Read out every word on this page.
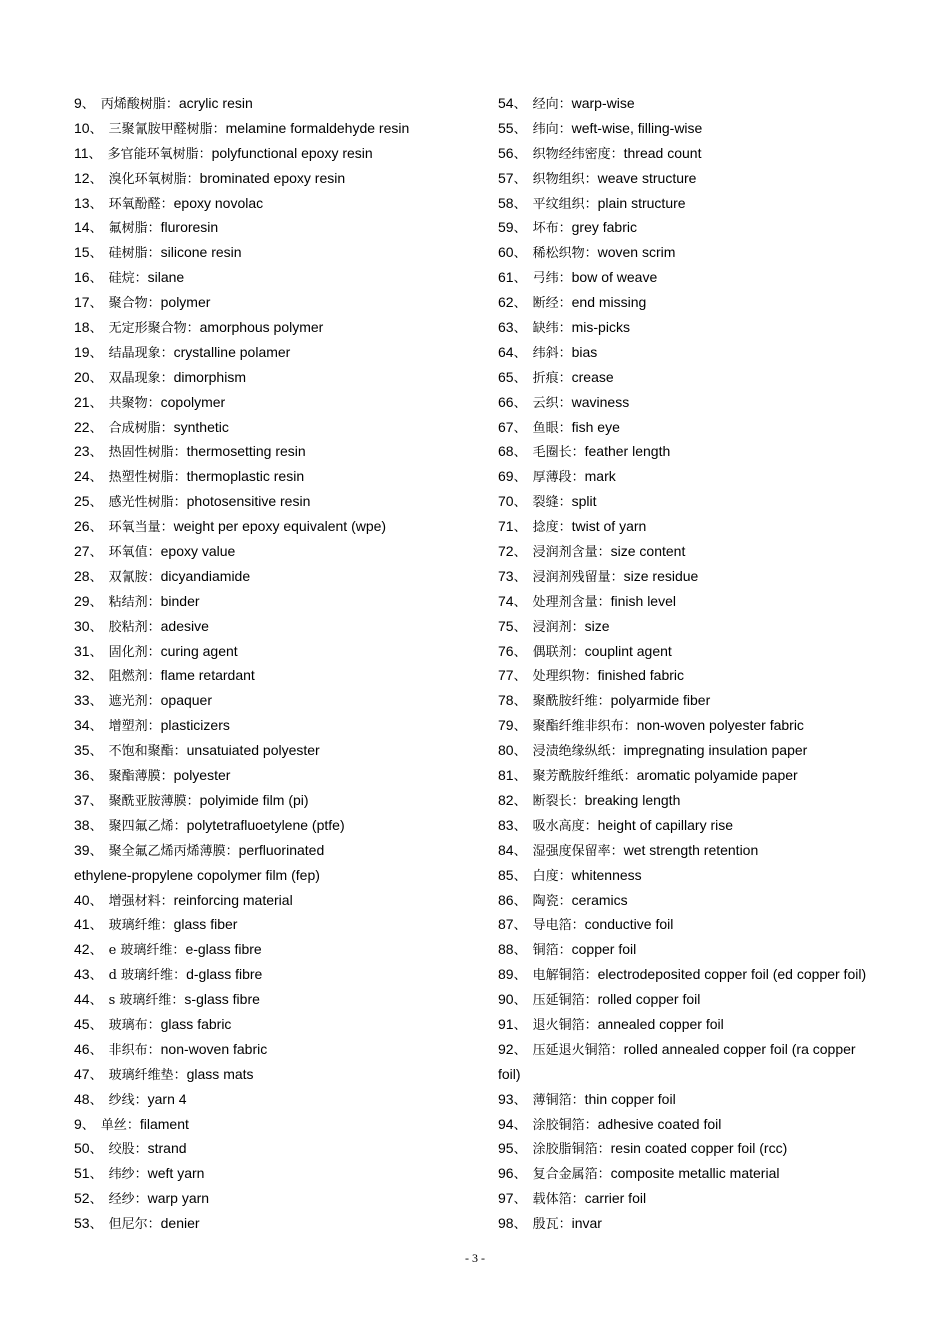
9、 丙烯酸树脂：acrylic resin
10、 三聚氰胺甲醛树脂：melamine formaldehyde resin
11、 多官能环氧树脂：polyfunctional epoxy resin
12、 溴化环氧树脂：brominated epoxy resin
13、 环氧酚醛：epoxy novolac
14、 氟树脂：fluroresin
15、 硅树脂：silicone resin
16、 硅烷：silane
17、 聚合物：polymer
18、 无定形聚合物：amorphous polymer
19、 结晶现象：crystalline polamer
20、 双晶现象：dimorphism
21、 共聚物：copolymer
22、 合成树脂：synthetic
23、 热固性树脂：thermosetting resin
24、 热塑性树脂：thermoplastic resin
25、 感光性树脂：photosensitive resin
26、 环氧当量：weight per epoxy equivalent (wpe)
27、 环氧值：epoxy value
28、 双氰胺：dicyandiamide
29、 粘结剂：binder
30、 胶粘剂：adesive
31、 固化剂：curing agent
32、 阻燃剂：flame retardant
33、 遮光剂：opaquer
34、 增塑剂：plasticizers
35、 不饱和聚酯：unsatuiated polyester
36、 聚酯薄膜：polyester
37、 聚酰亚胺薄膜：polyimide film (pi)
38、 聚四氟乙烯：polytetrafluoetylene (ptfe)
39、 聚全氟乙烯丙烯薄膜：perfluorinated
ethylene-propylene copolymer film (fep)
40、 增强材料：reinforcing material
41、 玻璃纤维：glass fiber
42、 e 玻璃纤维：e-glass fibre
43、 d 玻璃纤维：d-glass fibre
44、 s 玻璃纤维：s-glass fibre
45、 玻璃布：glass fabric
46、 非织布：non-woven fabric
47、 玻璃纤维垫：glass mats
48、 纱线：yarn 4
9、 单丝：filament
50、 绞股：strand
51、 纬纱：weft yarn
52、 经纱：warp yarn
53、 但尼尔：denier
54、 经向：warp-wise
55、 纬向：weft-wise, filling-wise
56、 织物经纬密度：thread count
57、 织物组织：weave structure
58、 平纹组织：plain structure
59、 坏布：grey fabric
60、 稀松织物：woven scrim
61、 弓纬：bow of weave
62、 断经：end missing
63、 缺纬：mis-picks
64、 纬斜：bias
65、 折痕：crease
66、 云织：waviness
67、 鱼眼：fish eye
68、 毛圈长：feather length
69、 厚薄段：mark
70、 裂缝：split
71、 捻度：twist of yarn
72、 浸润剂含量：size content
73、 浸润剂残留量：size residue
74、 处理剂含量：finish level
75、 浸润剂：size
76、 偶联剂：couplint agent
77、 处理织物：finished fabric
78、 聚酰胺纤维：polyarmide fiber
79、 聚酯纤维非织布：non-woven polyester fabric
80、 浸渍绝缘纵纸：impregnating insulation paper
81、 聚芳酰胺纤维纸：aromatic polyamide paper
82、 断裂长：breaking length
83、 吸水高度：height of capillary rise
84、 湿强度保留率：wet strength retention
85、 白度：whitenness
86、 陶瓷：ceramics
87、 导电箔：conductive foil
88、 铜箔：copper foil
89、 电解铜箔：electrodeposited copper foil (ed copper foil)
90、 压延铜箔：rolled copper foil
91、 退火铜箔：annealed copper foil
92、 压延退火铜箔：rolled annealed copper foil (ra copper
foil)
93、 薄铜箔：thin copper foil
94、 涂胶铜箔：adhesive coated foil
95、 涂胶脂铜箔：resin coated copper foil (rcc)
96、 复合金属箔：composite metallic material
97、 载体箔：carrier foil
98、 殷瓦：invar
- 3 -
